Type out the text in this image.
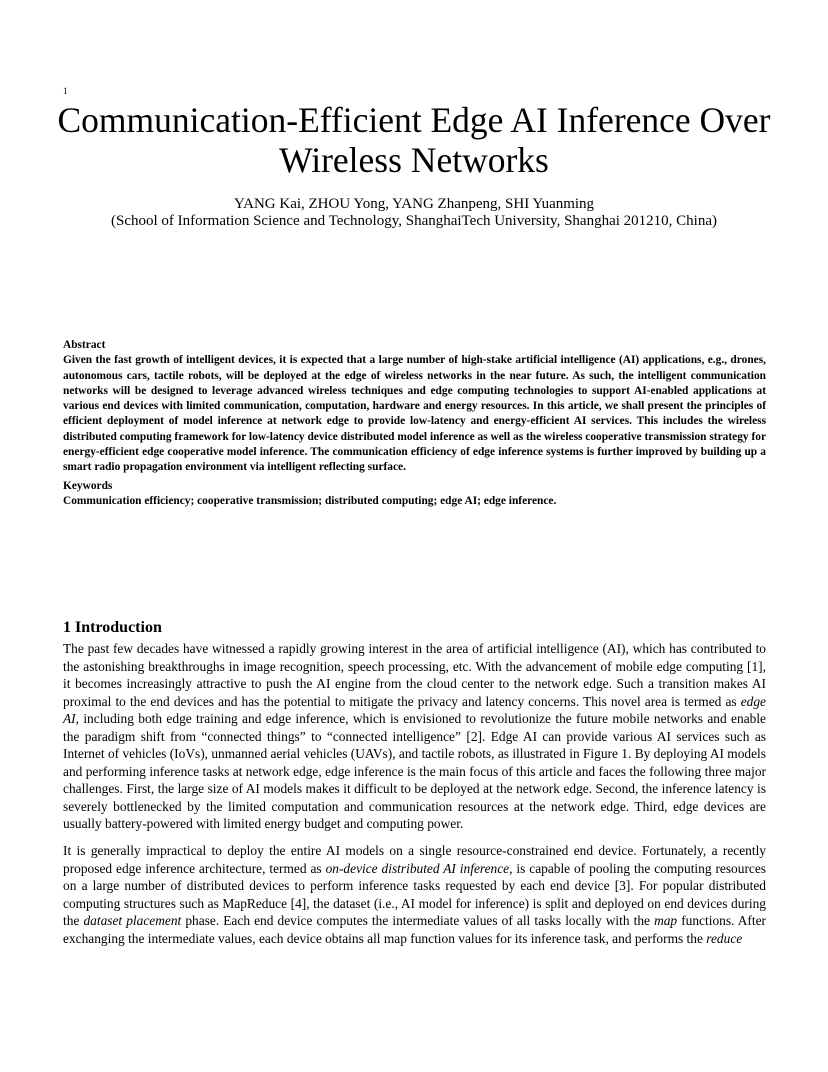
1
Communication-Efficient Edge AI Inference Over Wireless Networks
YANG Kai, ZHOU Yong, YANG Zhanpeng, SHI Yuanming
(School of Information Science and Technology, ShanghaiTech University, Shanghai 201210, China)
Abstract
Given the fast growth of intelligent devices, it is expected that a large number of high-stake artificial intelligence (AI) applications, e.g., drones, autonomous cars, tactile robots, will be deployed at the edge of wireless networks in the near future. As such, the intelligent communication networks will be designed to leverage advanced wireless techniques and edge computing technologies to support AI-enabled applications at various end devices with limited communication, computation, hardware and energy resources. In this article, we shall present the principles of efficient deployment of model inference at network edge to provide low-latency and energy-efficient AI services. This includes the wireless distributed computing framework for low-latency device distributed model inference as well as the wireless cooperative transmission strategy for energy-efficient edge cooperative model inference. The communication efficiency of edge inference systems is further improved by building up a smart radio propagation environment via intelligent reflecting surface.
Keywords
Communication efficiency; cooperative transmission; distributed computing; edge AI; edge inference.
1 Introduction

The past few decades have witnessed a rapidly growing interest in the area of artificial intelligence (AI), which has contributed to the astonishing breakthroughs in image recognition, speech processing, etc. With the advancement of mobile edge computing [1], it becomes increasingly attractive to push the AI engine from the cloud center to the network edge. Such a transition makes AI proximal to the end devices and has the potential to mitigate the privacy and latency concerns. This novel area is termed as edge AI, including both edge training and edge inference, which is envisioned to revolutionize the future mobile networks and enable the paradigm shift from “connected things” to “connected intelligence” [2]. Edge AI can provide various AI services such as Internet of vehicles (IoVs), unmanned aerial vehicles (UAVs), and tactile robots, as illustrated in Figure 1. By deploying AI models and performing inference tasks at network edge, edge inference is the main focus of this article and faces the following three major challenges. First, the large size of AI models makes it difficult to be deployed at the network edge. Second, the inference latency is severely bottlenecked by the limited computation and communication resources at the network edge. Third, edge devices are usually battery-powered with limited energy budget and computing power.

It is generally impractical to deploy the entire AI models on a single resource-constrained end device. Fortunately, a recently proposed edge inference architecture, termed as on-device distributed AI inference, is capable of pooling the computing resources on a large number of distributed devices to perform inference tasks requested by each end device [3]. For popular distributed computing structures such as MapReduce [4], the dataset (i.e., AI model for inference) is split and deployed on end devices during the dataset placement phase. Each end device computes the intermediate values of all tasks locally with the map functions. After exchanging the intermediate values, each device obtains all map function values for its inference task, and performs the reduce
